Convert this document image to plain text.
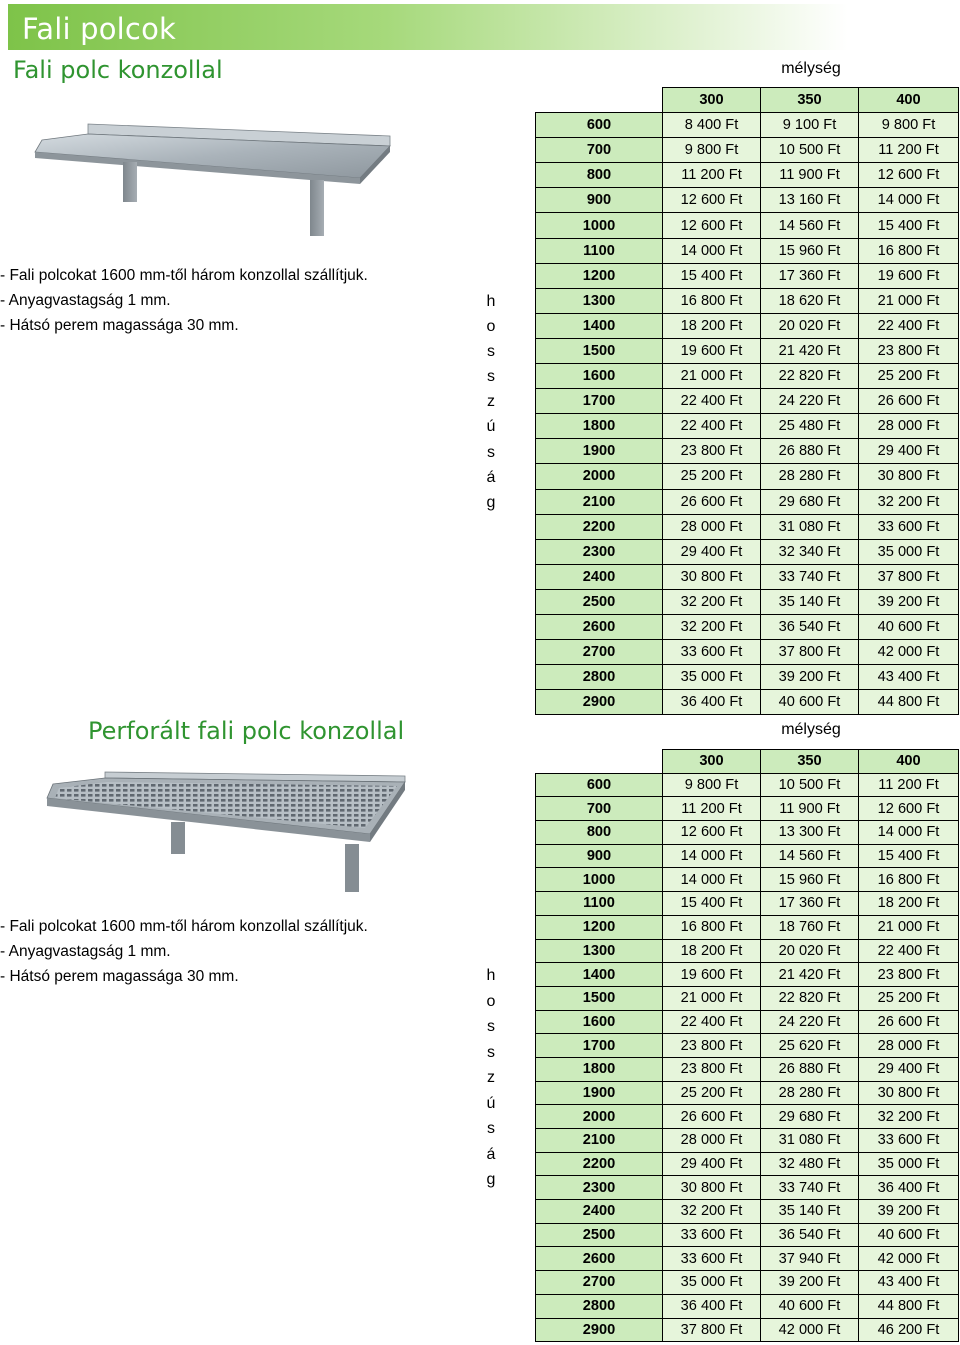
Fali polcok
Fali polc konzollal
- Fali polcokat 1600 mm-től három konzollal szállítjuk.
- Anyagvastagság 1 mm.
- Hátsó perem magassága 30 mm.
mélység
h
o
s
s
z
ú
s
á
g
	300	350	400
600	8 400 Ft	9 100 Ft	9 800 Ft
700	9 800 Ft	10 500 Ft	11 200 Ft
800	11 200 Ft	11 900 Ft	12 600 Ft
900	12 600 Ft	13 160 Ft	14 000 Ft
1000	12 600 Ft	14 560 Ft	15 400 Ft
1100	14 000 Ft	15 960 Ft	16 800 Ft
1200	15 400 Ft	17 360 Ft	19 600 Ft
1300	16 800 Ft	18 620 Ft	21 000 Ft
1400	18 200 Ft	20 020 Ft	22 400 Ft
1500	19 600 Ft	21 420 Ft	23 800 Ft
1600	21 000 Ft	22 820 Ft	25 200 Ft
1700	22 400 Ft	24 220 Ft	26 600 Ft
1800	22 400 Ft	25 480 Ft	28 000 Ft
1900	23 800 Ft	26 880 Ft	29 400 Ft
2000	25 200 Ft	28 280 Ft	30 800 Ft
2100	26 600 Ft	29 680 Ft	32 200 Ft
2200	28 000 Ft	31 080 Ft	33 600 Ft
2300	29 400 Ft	32 340 Ft	35 000 Ft
2400	30 800 Ft	33 740 Ft	37 800 Ft
2500	32 200 Ft	35 140 Ft	39 200 Ft
2600	32 200 Ft	36 540 Ft	40 600 Ft
2700	33 600 Ft	37 800 Ft	42 000 Ft
2800	35 000 Ft	39 200 Ft	43 400 Ft
2900	36 400 Ft	40 600 Ft	44 800 Ft
Perforált fali polc konzollal
- Fali polcokat 1600 mm-től három konzollal szállítjuk.
- Anyagvastagság 1 mm.
- Hátsó perem magassága 30 mm.
mélység
h
o
s
s
z
ú
s
á
g
	300	350	400
600	9 800 Ft	10 500 Ft	11 200 Ft
700	11 200 Ft	11 900 Ft	12 600 Ft
800	12 600 Ft	13 300 Ft	14 000 Ft
900	14 000 Ft	14 560 Ft	15 400 Ft
1000	14 000 Ft	15 960 Ft	16 800 Ft
1100	15 400 Ft	17 360 Ft	18 200 Ft
1200	16 800 Ft	18 760 Ft	21 000 Ft
1300	18 200 Ft	20 020 Ft	22 400 Ft
1400	19 600 Ft	21 420 Ft	23 800 Ft
1500	21 000 Ft	22 820 Ft	25 200 Ft
1600	22 400 Ft	24 220 Ft	26 600 Ft
1700	23 800 Ft	25 620 Ft	28 000 Ft
1800	23 800 Ft	26 880 Ft	29 400 Ft
1900	25 200 Ft	28 280 Ft	30 800 Ft
2000	26 600 Ft	29 680 Ft	32 200 Ft
2100	28 000 Ft	31 080 Ft	33 600 Ft
2200	29 400 Ft	32 480 Ft	35 000 Ft
2300	30 800 Ft	33 740 Ft	36 400 Ft
2400	32 200 Ft	35 140 Ft	39 200 Ft
2500	33 600 Ft	36 540 Ft	40 600 Ft
2600	33 600 Ft	37 940 Ft	42 000 Ft
2700	35 000 Ft	39 200 Ft	43 400 Ft
2800	36 400 Ft	40 600 Ft	44 800 Ft
2900	37 800 Ft	42 000 Ft	46 200 Ft
